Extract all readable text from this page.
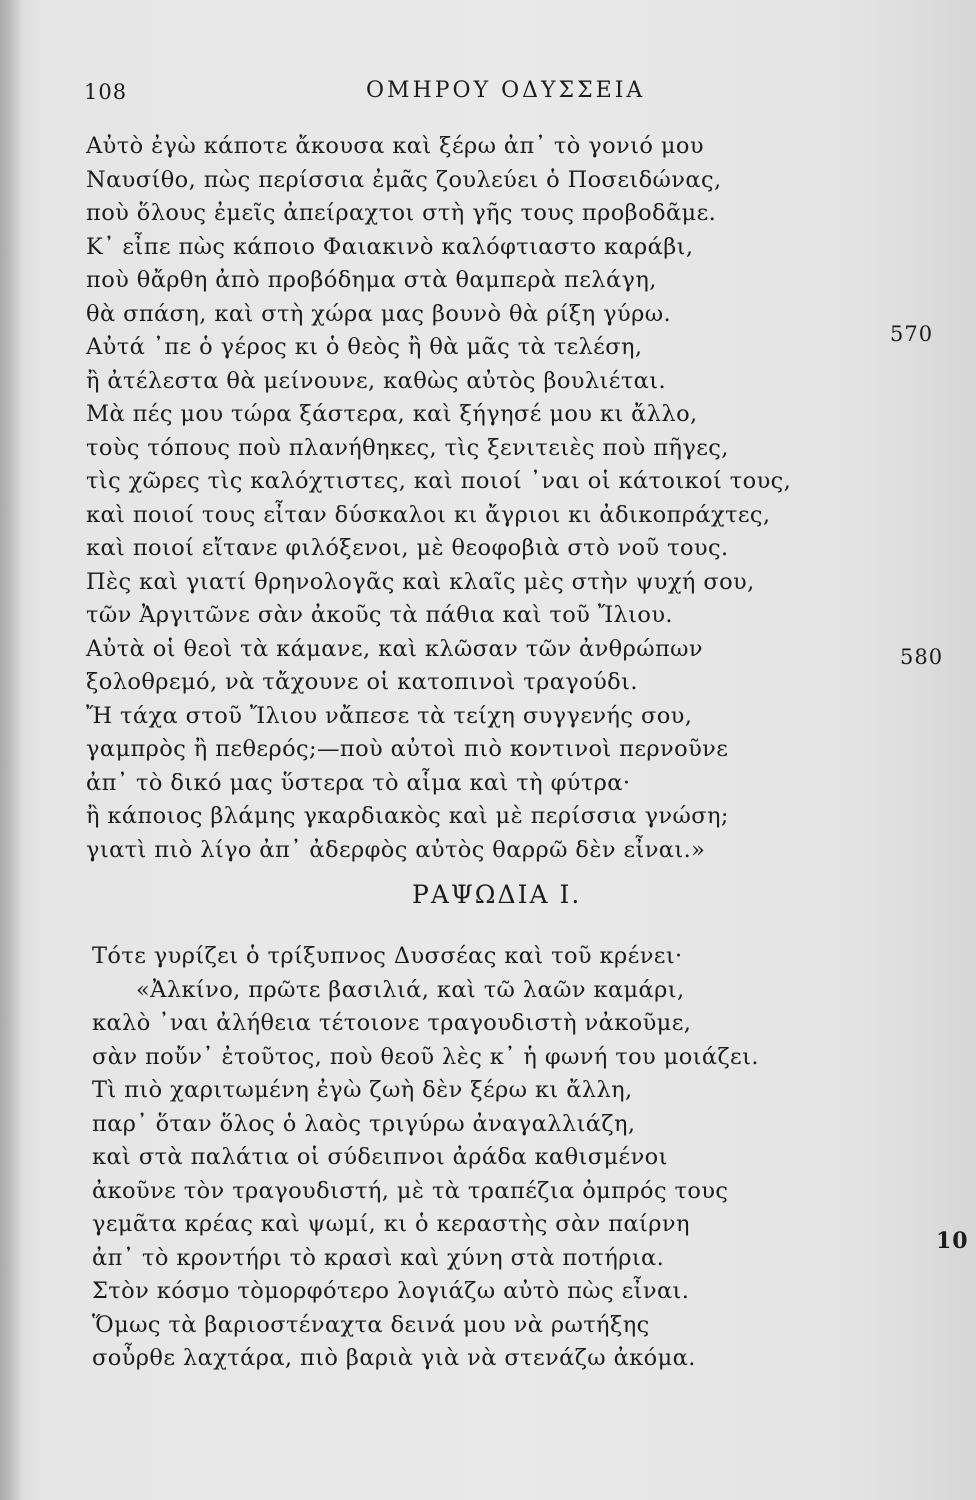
108	ΟΜΗΡΟΥ ΟΔΥΣΣΕΙΑ
Αὐτὸ ἐγὼ κάποτε ἄκουσα καὶ ξέρω ἀπ᾽ τὸ γονιό μου
Ναυσίθο, πὼς περίσσια ἐμᾶς ζουλεύει ὁ Ποσειδώνας,
ποὺ ὅλους ἐμεῖς ἀπείραχτοι στὴ γῆς τους προβοδᾶμε.
Κ᾽ εἶπε πὼς κάποιο Φαιακινὸ καλόφτιαστο καράβι,
ποὺ θἄρθη ἀπὸ προβόδημα στὰ θαμπερὰ πελάγη,
θὰ σπάση, καὶ στὴ χώρα μας βουνὸ θὰ ρίξη γύρω.
Αὐτά ᾽πε ὁ γέρος κι ὁ θεὸς ἢ θὰ μᾶς τὰ τελέση,
ἢ ἀτέλεστα θὰ μείνουνε, καθὼς αὐτὸς βουλιέται.
Μὰ πές μου τώρα ξάστερα, καὶ ξήγησέ μου κι ἄλλο,
τοὺς τόπους ποὺ πλανήθηκες, τὶς ξενιτειὲς ποὺ πῆγες,
τὶς χῶρες τὶς καλόχτιστες, καὶ ποιοί ᾽ναι οἱ κάτοικοί τους,
καὶ ποιοί τους εἶταν δύσκαλοι κι ἄγριοι κι ἀδικοπράχτες,
καὶ ποιοί εἴτανε φιλόξενοι, μὲ θεοφοβιὰ στὸ νοῦ τους.
Πὲς καὶ γιατί θρηνολογᾶς καὶ κλαῖς μὲς στὴν ψυχή σου,
τῶν Ἀργιτῶνε σὰν ἀκοῦς τὰ πάθια καὶ τοῦ Ἴλιου.
Αὐτὰ οἱ θεοὶ τὰ κάμανε, καὶ κλῶσαν τῶν ἀνθρώπων
ξολοθρεμό, νὰ τἄχουνε οἱ κατοπινοὶ τραγούδι.
Ἤ τάχα στοῦ Ἴλιου νἄπεσε τὰ τείχη συγγενής σου,
γαμπρὸς ἢ πεθερός;—ποὺ αὐτοὶ πιὸ κοντινοὶ περνοῦνε
ἀπ᾽ τὸ δικό μας ὕστερα τὸ αἷμα καὶ τὴ φύτρα·
ἢ κάποιος βλάμης γκαρδιακὸς καὶ μὲ περίσσια γνώση;
γιατὶ πιὸ λίγο ἀπ᾽ ἀδερφὸς αὐτὸς θαρρῶ δὲν εἶναι.»
570
580
ΡΑΨΩΔΙΑ Ι.
Τότε γυρίζει ὁ τρίξυπνος Δυσσέας καὶ τοῦ κρένει·
«Ἀλκίνο, πρῶτε βασιλιά, καὶ τῶ λαῶν καμάρι,
καλὸ ᾽ναι ἀλήθεια τέτοιονε τραγουδιστὴ νἀκοῦμε,
σὰν ποὔν᾽ ἐτοῦτος, ποὺ θεοῦ λὲς κ᾽ ἡ φωνή του μοιάζει.
Τὶ πιὸ χαριτωμένη ἐγὼ ζωὴ δὲν ξέρω κι ἄλλη,
παρ᾽ ὅταν ὅλος ὁ λαὸς τριγύρω ἀναγαλλιάζη,
καὶ στὰ παλάτια οἱ σύδειπνοι ἀράδα καθισμένοι
ἀκοῦνε τὸν τραγουδιστή, μὲ τὰ τραπέζια ὀμπρός τους
γεμᾶτα κρέας καὶ ψωμί, κι ὁ κεραστὴς σὰν παίρνη
ἀπ᾽ τὸ κροντήρι τὸ κρασὶ καὶ χύνη στὰ ποτήρια.
Στὸν κόσμο τὸμορφότερο λογιάζω αὐτὸ πὼς εἶναι.
Ὅμως τὰ βαριοστέναχτα δεινά μου νὰ ρωτήξης
σοὖρθε λαχτάρα, πιὸ βαριὰ γιὰ νὰ στενάζω ἀκόμα.
10
